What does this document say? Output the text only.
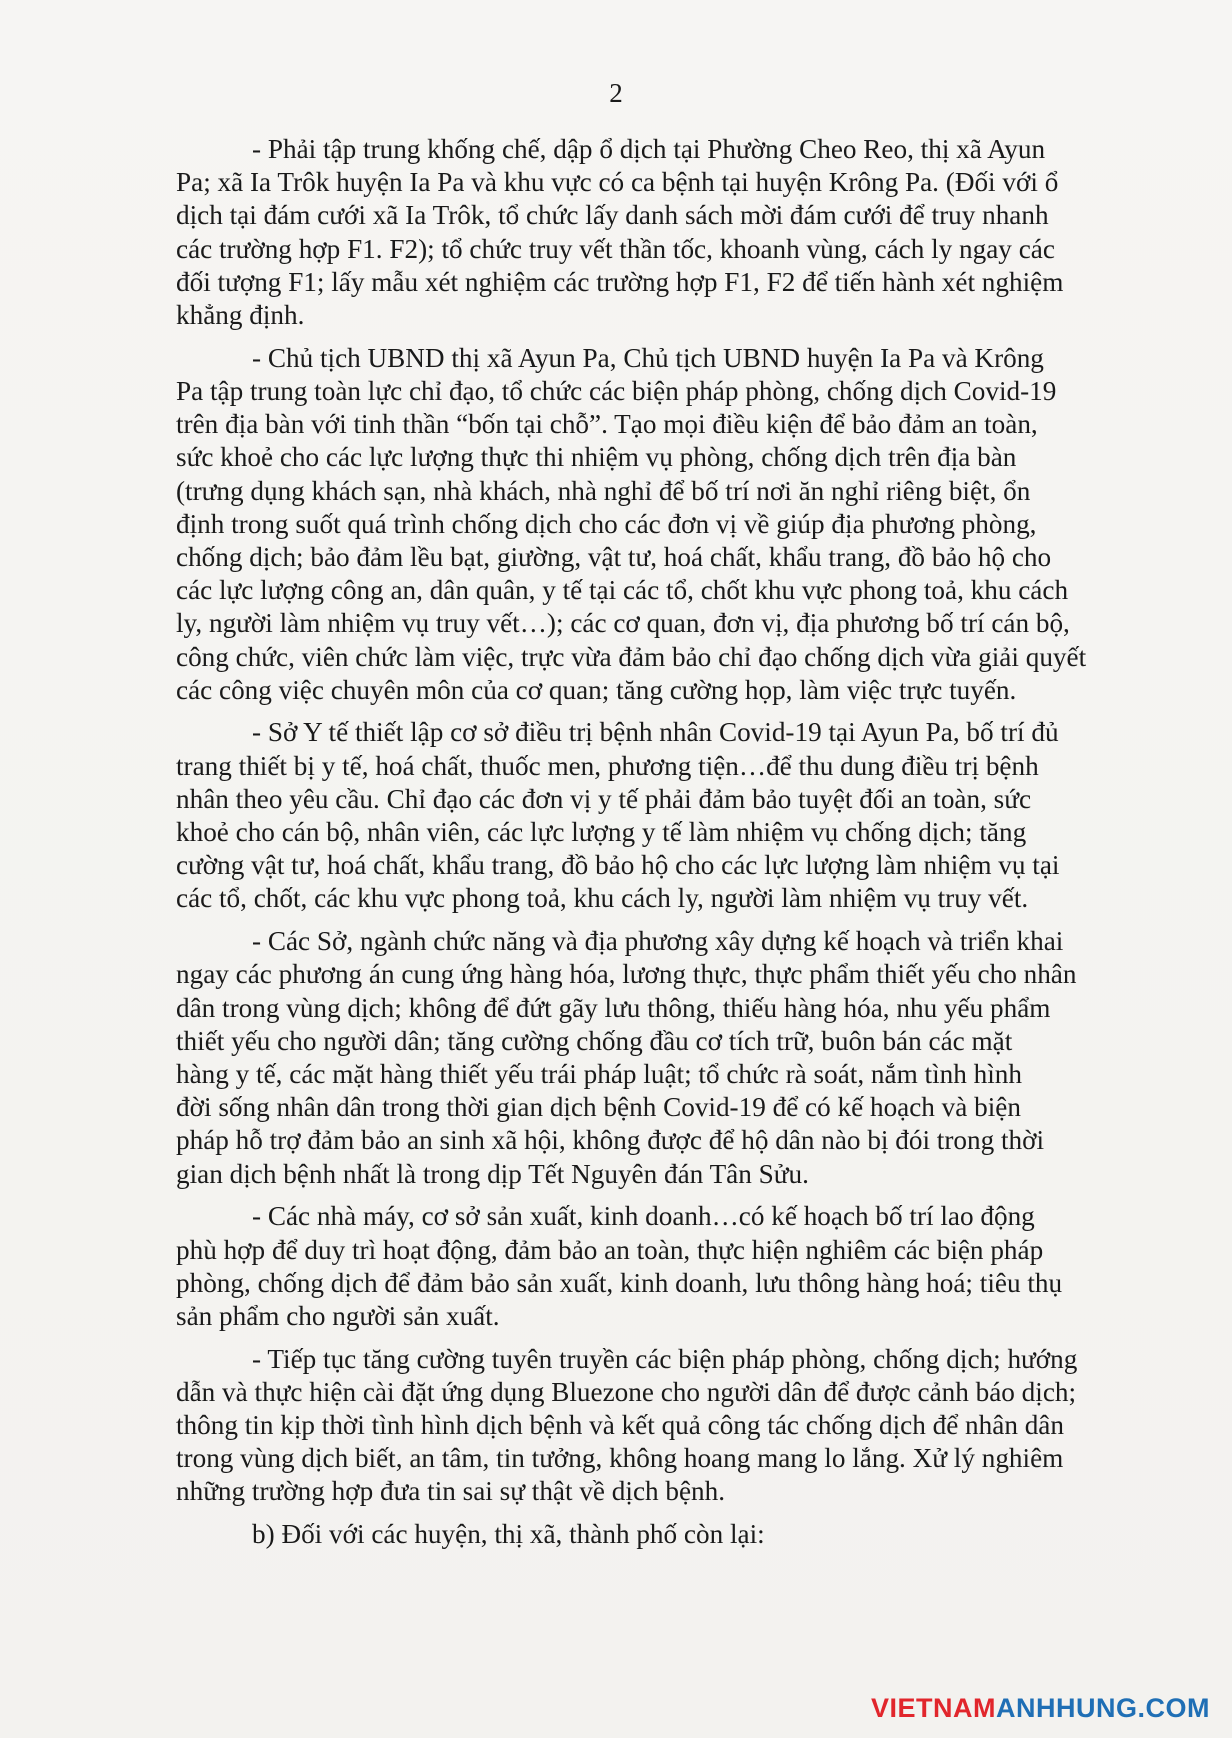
2

- Phải tập trung khống chế, dập ổ dịch tại Phường Cheo Reo, thị xã Ayun
Pa; xã Ia Trôk huyện Ia Pa và khu vực có ca bệnh tại huyện Krông Pa. (Đối với ổ
dịch tại đám cưới xã Ia Trôk, tổ chức lấy danh sách mời đám cưới để truy nhanh
các trường hợp F1. F2); tổ chức truy vết thần tốc, khoanh vùng, cách ly ngay các
đối tượng F1; lấy mẫu xét nghiệm các trường hợp F1, F2 để tiến hành xét nghiệm
khẳng định.

- Chủ tịch UBND thị xã Ayun Pa, Chủ tịch UBND huyện Ia Pa và Krông
Pa tập trung toàn lực chỉ đạo, tổ chức các biện pháp phòng, chống dịch Covid-19
trên địa bàn với tinh thần “bốn tại chỗ”. Tạo mọi điều kiện để bảo đảm an toàn,
sức khoẻ cho các lực lượng thực thi nhiệm vụ phòng, chống dịch trên địa bàn
(trưng dụng khách sạn, nhà khách, nhà nghỉ để bố trí nơi ăn nghỉ riêng biệt, ổn
định trong suốt quá trình chống dịch cho các đơn vị về giúp địa phương phòng,
chống dịch; bảo đảm lều bạt, giường, vật tư, hoá chất, khẩu trang, đồ bảo hộ cho
các lực lượng công an, dân quân, y tế tại các tổ, chốt khu vực phong toả, khu cách
ly, người làm nhiệm vụ truy vết…); các cơ quan, đơn vị, địa phương bố trí cán bộ,
công chức, viên chức làm việc, trực vừa đảm bảo chỉ đạo chống dịch vừa giải quyết
các công việc chuyên môn của cơ quan; tăng cường họp, làm việc trực tuyến.

- Sở Y tế thiết lập cơ sở điều trị bệnh nhân Covid-19 tại Ayun Pa, bố trí đủ
trang thiết bị y tế, hoá chất, thuốc men, phương tiện…để thu dung điều trị bệnh
nhân theo yêu cầu. Chỉ đạo các đơn vị y tế phải đảm bảo tuyệt đối an toàn, sức
khoẻ cho cán bộ, nhân viên, các lực lượng y tế làm nhiệm vụ chống dịch; tăng
cường vật tư, hoá chất, khẩu trang, đồ bảo hộ cho các lực lượng làm nhiệm vụ tại
các tổ, chốt, các khu vực phong toả, khu cách ly, người làm nhiệm vụ truy vết.

- Các Sở, ngành chức năng và địa phương xây dựng kế hoạch và triển khai
ngay các phương án cung ứng hàng hóa, lương thực, thực phẩm thiết yếu cho nhân
dân trong vùng dịch; không để đứt gãy lưu thông, thiếu hàng hóa, nhu yếu phẩm
thiết yếu cho người dân; tăng cường chống đầu cơ tích trữ, buôn bán các mặt
hàng y tế, các mặt hàng thiết yếu trái pháp luật; tổ chức rà soát, nắm tình hình
đời sống nhân dân trong thời gian dịch bệnh Covid-19 để có kế hoạch và biện
pháp hỗ trợ đảm bảo an sinh xã hội, không được để hộ dân nào bị đói trong thời
gian dịch bệnh nhất là trong dịp Tết Nguyên đán Tân Sửu.

- Các nhà máy, cơ sở sản xuất, kinh doanh…có kế hoạch bố trí lao động
phù hợp để duy trì hoạt động, đảm bảo an toàn, thực hiện nghiêm các biện pháp
phòng, chống dịch để đảm bảo sản xuất, kinh doanh, lưu thông hàng hoá; tiêu thụ
sản phẩm cho người sản xuất.

- Tiếp tục tăng cường tuyên truyền các biện pháp phòng, chống dịch; hướng
dẫn và thực hiện cài đặt ứng dụng Bluezone cho người dân để được cảnh báo dịch;
thông tin kịp thời tình hình dịch bệnh và kết quả công tác chống dịch để nhân dân
trong vùng dịch biết, an tâm, tin tưởng, không hoang mang lo lắng. Xử lý nghiêm
những trường hợp đưa tin sai sự thật về dịch bệnh.

b) Đối với các huyện, thị xã, thành phố còn lại:

VIETNAMANHHUNG.COM
